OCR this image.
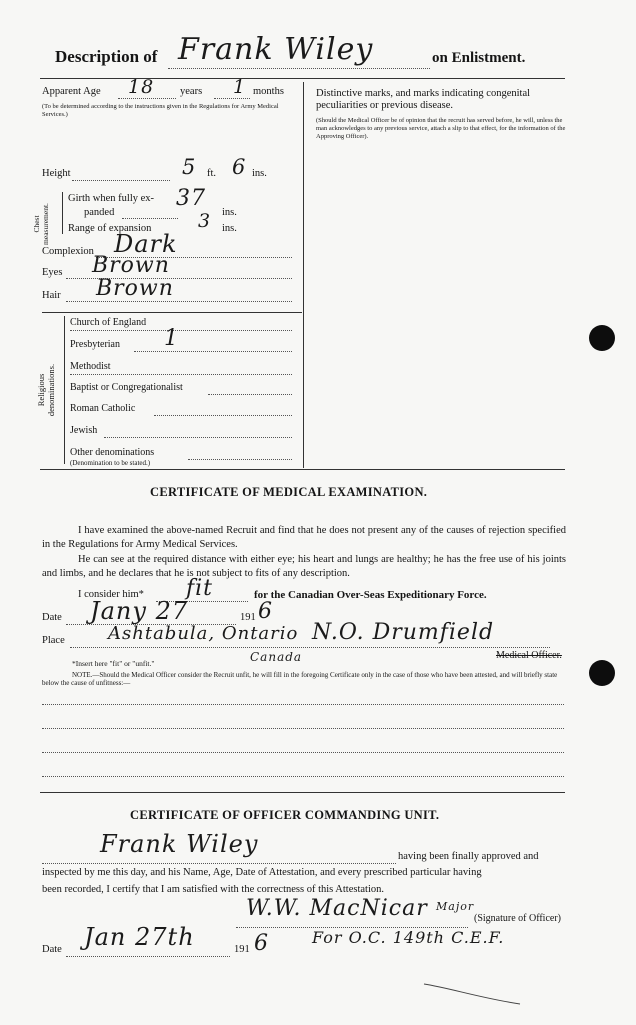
Description of Frank Wiley	on Enlistment.
Apparent Age 18 years 1 months
(To be determined according to the instructions given in the Regulations for Army Medical Services.)
Distinctive marks, and marks indicating congenital peculiarities or previous disease.
(Should the Medical Officer be of opinion that the recruit has served before, he will, unless the man acknowledges to any previous service, attach a slip to that effect, for the information of the Approving Officer).
Height	5 ft. 6 ins.
Chest measurement.
Girth when fully ex-
panded
37
ins.
Range of expansion 3 ins.
Complexion Dark
Eyes Brown
Hair Brown
Religious denominations.
Church of England
Presbyterian 1
Methodist
Baptist or Congregationalist
Roman Catholic
Jewish
Other denominations
(Denomination to be stated.)
CERTIFICATE OF MEDICAL EXAMINATION.
I have examined the above-named Recruit and find that he does not present any of the causes of rejection specified in the Regulations for Army Medical Services.
He can see at the required distance with either eye; his heart and lungs are healthy; he has the free use of his joints and limbs, and he declares that he is not subject to fits of any description.
I consider him* fit	for the Canadian Over-Seas Expeditionary Force.
Date Jany 27	191 6
Place Ashtabula, Ontario N.O. Drumfield
Canada	Medical Officer.
*Insert here "fit" or "unfit."
NOTE.—Should the Medical Officer consider the Recruit unfit, he will fill in the foregoing Certificate only in the case of those who have been attested, and will briefly state below the cause of unfitness:—
CERTIFICATE OF OFFICER COMMANDING UNIT.
Frank Wiley	having been finally approved and
inspected by me this day, and his Name, Age, Date of Attestation, and every prescribed particular having
been recorded, I certify that I am satisfied with the correctness of this Attestation.
W.W. MacNicar Major
(Signature of Officer)
For O.C. 149th C.E.F.
Date Jan 27th	191 6
